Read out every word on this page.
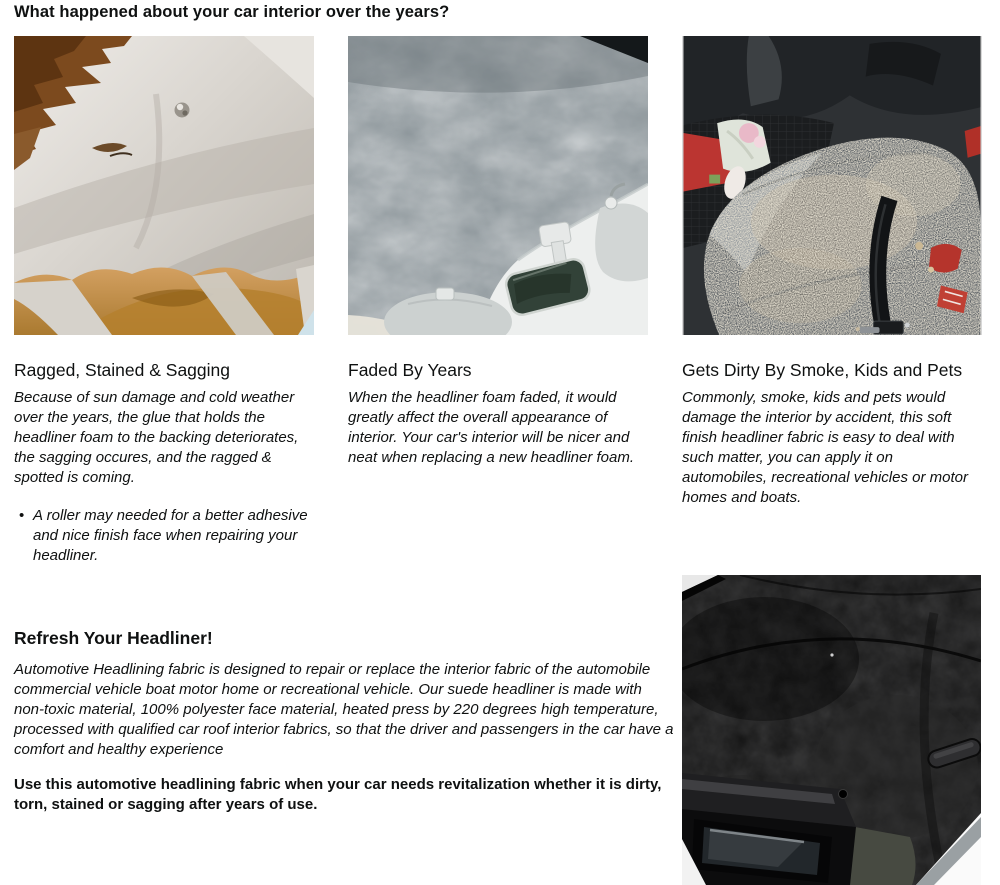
What happened about your car interior over the years?
Ragged, Stained & Sagging

Because of sun damage and cold weather over the years, the glue that holds the headliner foam to the backing deteriorates, the sagging occures, and the ragged & spotted is coming.

• A roller may needed for a better adhesive and nice finish face when repairing your headliner.
Faded By Years

When the headliner foam faded, it would greatly affect the overall appearance of interior. Your car's interior will be nicer and neat when replacing a new headliner foam.

Gets Dirty By Smoke, Kids and Pets

Commonly, smoke, kids and pets would damage the interior by accident, this soft finish headliner fabric is easy to deal with such matter, you can apply it on automobiles, recreational vehicles or motor homes and boats.

Refresh Your Headliner!

Automotive Headlining fabric is designed to repair or replace the interior fabric of the automobile commercial vehicle boat motor home or recreational vehicle. Our suede headliner is made with non-toxic material, 100% polyester face material, heated press by 220 degrees high temperature, processed with qualified car roof interior fabrics, so that the driver and passengers in the car have a comfort and healthy experience

Use this automotive headlining fabric when your car needs revitalization whether it is dirty, torn, stained or sagging after years of use.
